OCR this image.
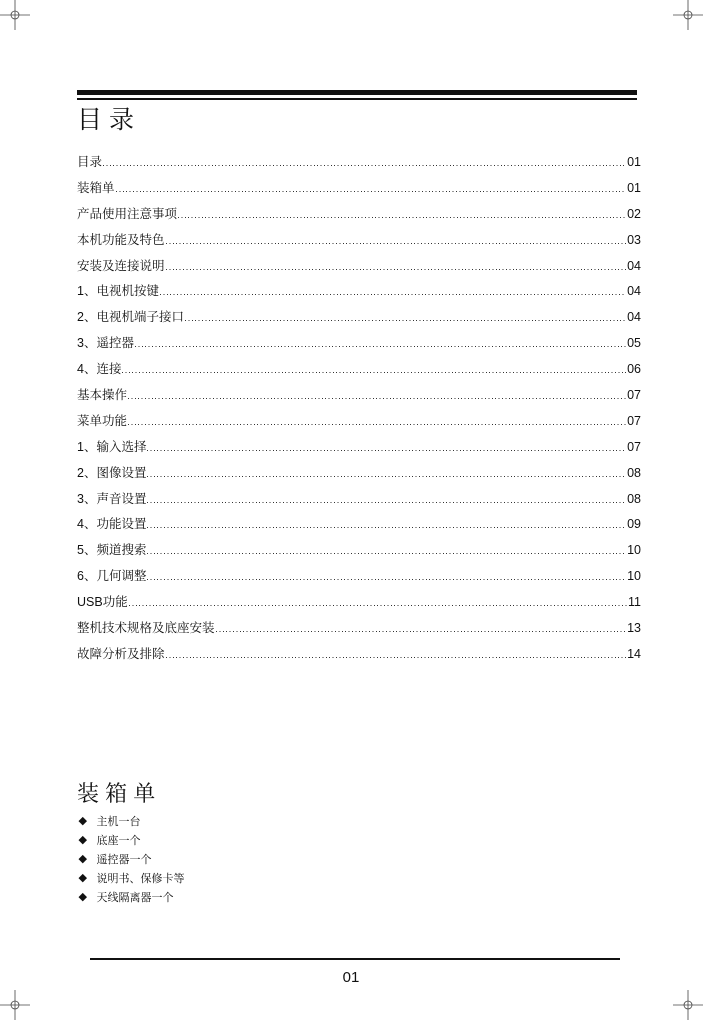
目 录
目录	01
装箱单	01
产品使用注意事项	02
本机功能及特色	03
安装及连接说明	04
1、电视机按键	04
2、电视机端子接口	04
3、遥控器	05
4、连接	06
基本操作	07
菜单功能	07
1、输入选择	07
2、图像设置	08
3、声音设置	08
4、功能设置	09
5、频道搜索	10
6、几何调整	10
USB功能	11
整机技术规格及底座安装	13
故障分析及排除	14
装 箱 单
主机一台
底座一个
遥控器一个
说明书、保修卡等
天线隔离器一个
01
